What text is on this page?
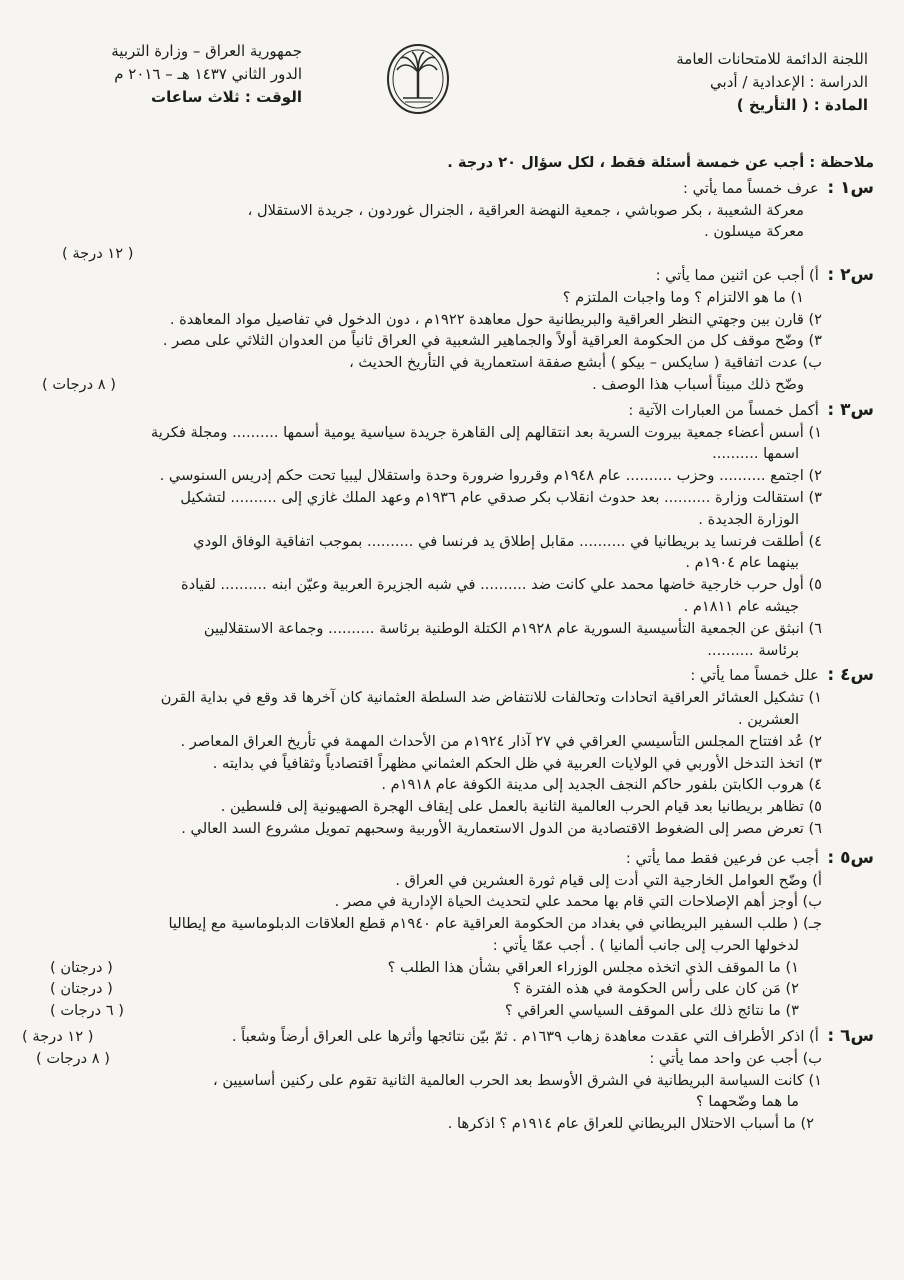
اللجنة الدائمة للامتحانات العامة
الدراسة : الإعدادية / أدبي
المادة : ( التأريخ )
جمهورية العراق – وزارة التربية
الدور الثاني ١٤٣٧ هـ – ٢٠١٦ م
الوقت : ثلاث ساعات
ملاحظة : أجب عن خمسة أسئلة فقط ، لكل سؤال ٢٠ درجة .
س١ : عرف خمساً مما يأتي :
معركة الشعيبة ، بكر صوباشي ، جمعية النهضة العراقية ، الجنرال غوردون ، جريدة الاستقلال ،
معركة ميسلون .
( ١٢ درجة )
س٢ : أ) أجب عن اثنين مما يأتي :
١) ما هو الالتزام ؟ وما واجبات الملتزم ؟
٢) قارن بين وجهتي النظر العراقية والبريطانية حول معاهدة ١٩٢٢م ، دون الدخول في تفاصيل مواد المعاهدة .
٣) وضّح موقف كل من الحكومة العراقية أولاً والجماهير الشعبية في العراق ثانياً من العدوان الثلاثي على مصر .
ب) عدت اتفاقية ( سايكس – بيكو ) أبشع صفقة استعمارية في التأريخ الحديث ،
وضّح ذلك مبيناً أسباب هذا الوصف .
( ٨ درجات )
س٣ : أكمل خمساً من العبارات الآتية :
١) أسس أعضاء جمعية بيروت السرية بعد انتقالهم إلى القاهرة جريدة سياسية يومية أسمها .......... ومجلة فكرية
اسمها ..........
٢) اجتمع .......... وحزب .......... عام ١٩٤٨م وقرروا ضرورة وحدة واستقلال ليبيا تحت حكم إدريس السنوسي .
٣) استقالت وزارة .......... بعد حدوث انقلاب بكر صدقي عام ١٩٣٦م وعهد الملك غازي إلى .......... لتشكيل
الوزارة الجديدة .
٤) أطلقت فرنسا يد بريطانيا في .......... مقابل إطلاق يد فرنسا في .......... بموجب اتفاقية الوفاق الودي
بينهما عام ١٩٠٤م .
٥) أول حرب خارجية خاضها محمد علي كانت ضد .......... في شبه الجزيرة العربية وعيّن ابنه .......... لقيادة
جيشه عام ١٨١١م .
٦) انبثق عن الجمعية التأسيسية السورية عام ١٩٢٨م الكتلة الوطنية برئاسة .......... وجماعة الاستقلاليين
برئاسة ..........
س٤ : علل خمساً مما يأتي :
١) تشكيل العشائر العراقية اتحادات وتحالفات للانتفاض ضد السلطة العثمانية كان آخرها قد وقع في بداية القرن
العشرين .
٢) عُد افتتاح المجلس التأسيسي العراقي في ٢٧ آذار ١٩٢٤م من الأحداث المهمة في تأريخ العراق المعاصر .
٣) اتخذ التدخل الأوربي في الولايات العربية في ظل الحكم العثماني مظهراً اقتصادياً وثقافياً في بدايته .
٤) هروب الكابتن بلفور حاكم النجف الجديد إلى مدينة الكوفة عام ١٩١٨م .
٥) تظاهر بريطانيا بعد قيام الحرب العالمية الثانية بالعمل على إيقاف الهجرة الصهيونية إلى فلسطين .
٦) تعرض مصر إلى الضغوط الاقتصادية من الدول الاستعمارية الأوربية وسحبهم تمويل مشروع السد العالي .
س٥ : أجب عن فرعين فقط مما يأتي :
أ) وضّح العوامل الخارجية التي أدت إلى قيام ثورة العشرين في العراق .
ب) أوجز أهم الإصلاحات التي قام بها محمد علي لتحديث الحياة الإدارية في مصر .
جـ) ( طلب السفير البريطاني في بغداد من الحكومة العراقية عام ١٩٤٠م قطع العلاقات الدبلوماسية مع إيطاليا
لدخولها الحرب إلى جانب ألمانيا ) . أجب عمّا يأتي :
١) ما الموقف الذي اتخذه مجلس الوزراء العراقي بشأن هذا الطلب ؟
( درجتان )
٢) مَن كان على رأس الحكومة في هذه الفترة ؟
( درجتان )
٣) ما نتائج ذلك على الموقف السياسي العراقي ؟
( ٦ درجات )
س٦ : أ) اذكر الأطراف التي عقدت معاهدة زهاب ١٦٣٩م . ثمّ بيّن نتائجها وأثرها على العراق أرضاً وشعباً .
( ١٢ درجة )
ب) أجب عن واحد مما يأتي :
( ٨ درجات )
١) كانت السياسة البريطانية في الشرق الأوسط بعد الحرب العالمية الثانية تقوم على ركنين أساسيين ،
ما هما وضّحهما ؟
٢) ما أسباب الاحتلال البريطاني للعراق عام ١٩١٤م ؟ اذكرها .
